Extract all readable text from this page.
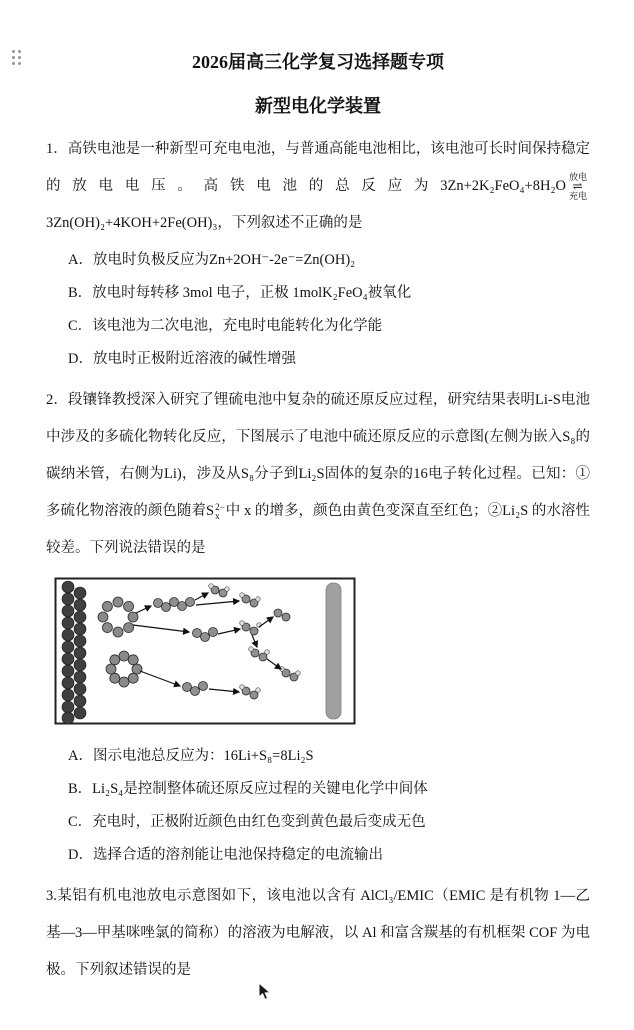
2026届高三化学复习选择题专项
新型电化学装置

1．高铁电池是一种新型可充电电池，与普通高能电池相比，该电池可长时间保持稳定的放电电压。高铁电池的总反应为3Zn+2K₂FeO₄+8H₂O
放电
⇌
充电
3Zn(OH)₂+4KOH+2Fe(OH)₃，下列叙述不正确的是

A．放电时负极反应为Zn+2OH⁻-2e⁻=Zn(OH)₂

B．放电时每转移 3mol 电子，正极 1molK₂FeO₄被氧化

C．该电池为二次电池，充电时电能转化为化学能

D．放电时正极附近溶液的碱性增强

2．段镶锋教授深入研究了锂硫电池中复杂的硫还原反应过程，研究结果表明Li-S电池中涉及的多硫化物转化反应，下图展示了电池中硫还原反应的示意图(左侧为嵌入S₈的碳纳米管，右侧为Li)，涉及从S₈分子到Li₂S固体的复杂的16电子转化过程。已知：①多硫化物溶液的颜色随着S 2−
x 中 x 的增多，颜色由黄色变深直至红色；②Li₂S 的水溶性较差。下列说法错误的是

A．图示电池总反应为：16Li+S₈=8Li₂S

B．Li₂S₄是控制整体硫还原反应过程的关键电化学中间体

C．充电时，正极附近颜色由红色变到黄色最后变成无色

D．选择合适的溶剂能让电池保持稳定的电流输出

3.某铝有机电池放电示意图如下，该电池以含有 AlCl₃/EMIC（EMIC 是有机物 1—乙基—3—甲基咪唑氯的简称）的溶液为电解液，以 Al 和富含羰基的有机框架 COF 为电极。下列叙述错误的是
